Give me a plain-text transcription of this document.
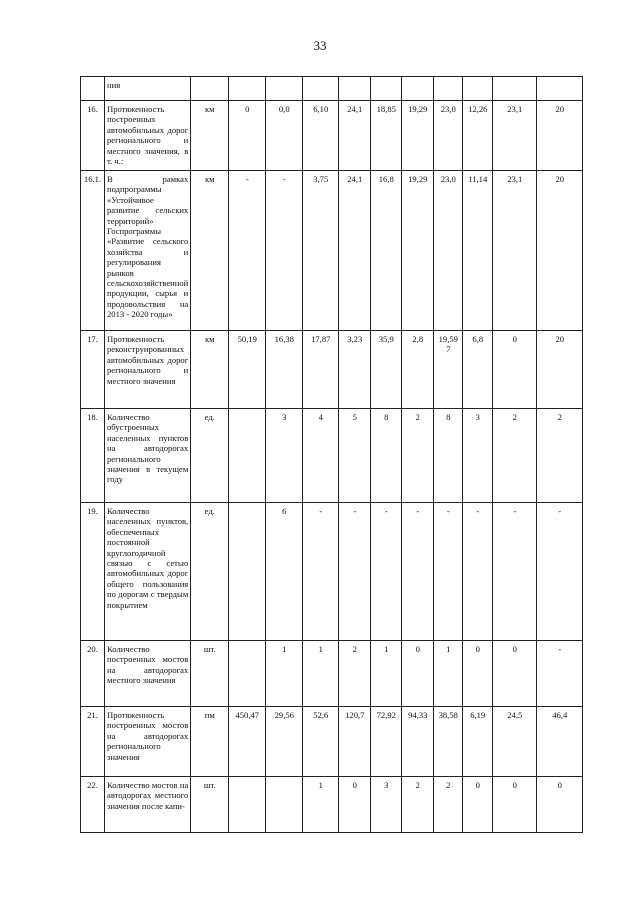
33
	ния											
16.	Протяженность построенных автомобильных дорог регионального и местного значения, в т. ч.:	км	0	0,0	6,10	24,1	18,85	19,29	23,0	12,26	23,1	20
16.1.	В рамках подпрограммы «Устойчивое развитие сельских территорий» Госпрограммы «Развитие сельского хозяйства и регулирования рынков сельскохозяйственной продукции, сырья и продовольствия на 2013 - 2020 годы»	км	-	-	3,75	24,1	16,8	19,29	23,0	11,14	23,1	20
17.	Протяженность реконструированных автомобильных дорог регионального и местного значения	км	50,19	16,38	17,87	3,23	35,9	2,8	19,59 7	6,8	0	20
18.	Количество обустроенных населенных пунктов на автодорогах регионального значения в текущем году	ед.		3	4	5	8	2	8	3	2	2
19.	Количество населенных пунктов, обеспеченных постоянной круглогодичной связью с сетью автомобильных дорог общего пользования по дорогам с твердым покрытием	ед.		6	-	-	-	-	-	-	-	-
20.	Количество построенных мостов на автодорогах местного значения	шт.		1	1	2	1	0	1	0	0	-
21.	Протяженность построенных мостов на автодорогах регионального значения	пм	450,47	29,56	52,6	120,7	72,92	94,33	38,58	6,19	24,5	46,4
22.	Количество мостов на автодорогах местного значения после капи-	шт.			1	0	3	2	2	0	0	0
